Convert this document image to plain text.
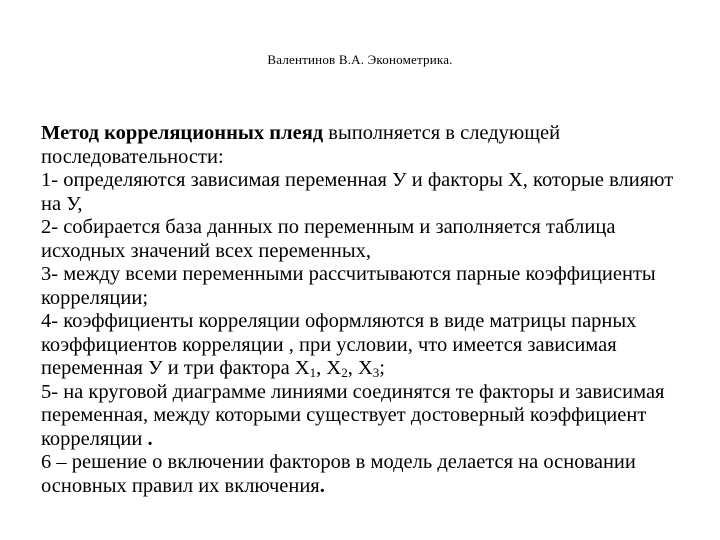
Валентинов В.А. Эконометрика.

Метод корреляционных плеяд выполняется в следующей последовательности:

1- определяются зависимая переменная У и факторы X, которые влияют на У,

2- собирается база данных по переменным и заполняется таблица исходных значений всех переменных,

3- между всеми переменными рассчитываются парные коэффициенты корреляции;

4- коэффициенты корреляции оформляются в виде матрицы парных коэффициентов корреляции , при условии, что имеется зависимая переменная У и три фактора $X_1$, $X_2$, $X_3$;

5- на круговой диаграмме линиями соединятся те факторы и зависимая переменная, между которыми существует достоверный коэффициент корреляции .

6 – решение о включении факторов в модель делается на основании основных правил их включения.
